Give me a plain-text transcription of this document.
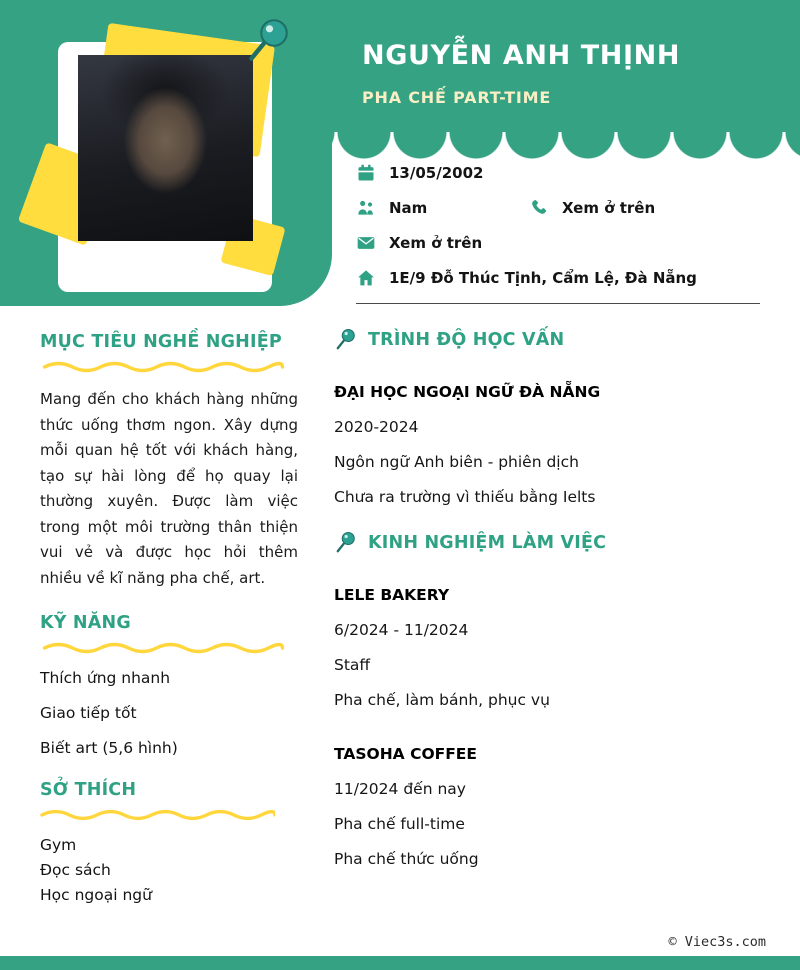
NGUYỄN ANH THỊNH
PHA CHẾ PART-TIME
13/05/2002
Nam	Xem ở trên
Xem ở trên
1E/9 Đỗ Thúc Tịnh, Cẩm Lệ, Đà Nẵng
MỤC TIÊU NGHỀ NGHIỆP

Mang đến cho khách hàng những thức uống thơm ngon. Xây dựng mỗi quan hệ tốt với khách hàng, tạo sự hài lòng để họ quay lại thường xuyên. Được làm việc trong một môi trường thân thiện vui vẻ và được học hỏi thêm nhiều về kĩ năng pha chế, art.

KỸ NĂNG
Thích ứng nhanh
Giao tiếp tốt
Biết art (5,6 hình)
SỞ THÍCH
Gym
Đọc sách
Học ngoại ngữ
TRÌNH ĐỘ HỌC VẤN
ĐẠI HỌC NGOẠI NGỮ ĐÀ NẴNG
2020-2024
Ngôn ngữ Anh biên - phiên dịch
Chưa ra trường vì thiếu bằng Ielts
KINH NGHIỆM LÀM VIỆC
LELE BAKERY
6/2024 - 11/2024
Staff
Pha chế, làm bánh, phục vụ
TASOHA COFFEE
11/2024 đến nay
Pha chế full-time
Pha chế thức uống
© Viec3s.com
